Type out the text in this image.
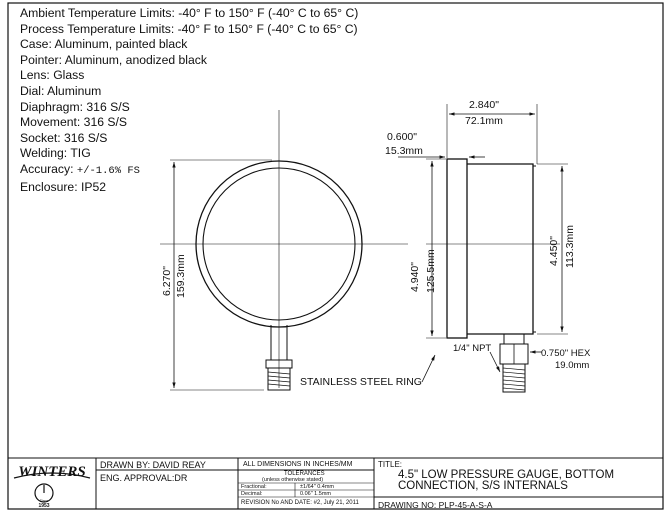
Ambient Temperature Limits: -40° F to 150° F (-40° C to 65° C)
Process Temperature Limits: -40° F to 150° F (-40° C to 65° C)
Case: Aluminum, painted black
Pointer: Aluminum, anodized black
Lens: Glass
Dial: Aluminum
Diaphragm: 316 S/S
Movement: 316 S/S
Socket: 316 S/S
Welding: TIG
Accuracy: +/-1.6% FS
Enclosure: IP52
2.840"
72.1mm
0.600"
15.3mm
6.270" 159.3mm	4.940" 125.5mm	4.450" 113.3mm
1/4" NPT	0.750" HEX
19.0mm
STAINLESS STEEL RING
WINTERS
Since
1953
DRAWN BY: DAVID REAY
ENG. APPROVAL:DR
ALL DIMENSIONS IN INCHES/MM
TOLERANCES
(unless otherwise stated)
Fractional:	±1/64" 0.4mm
Decimal:	0.06" 1.5mm
REVISION No AND DATE: #2, July 21, 2011
TITLE:
4.5" LOW PRESSURE GAUGE, BOTTOM CONNECTION, S/S INTERNALS
DRAWING NO: PLP-45-A-S-A
